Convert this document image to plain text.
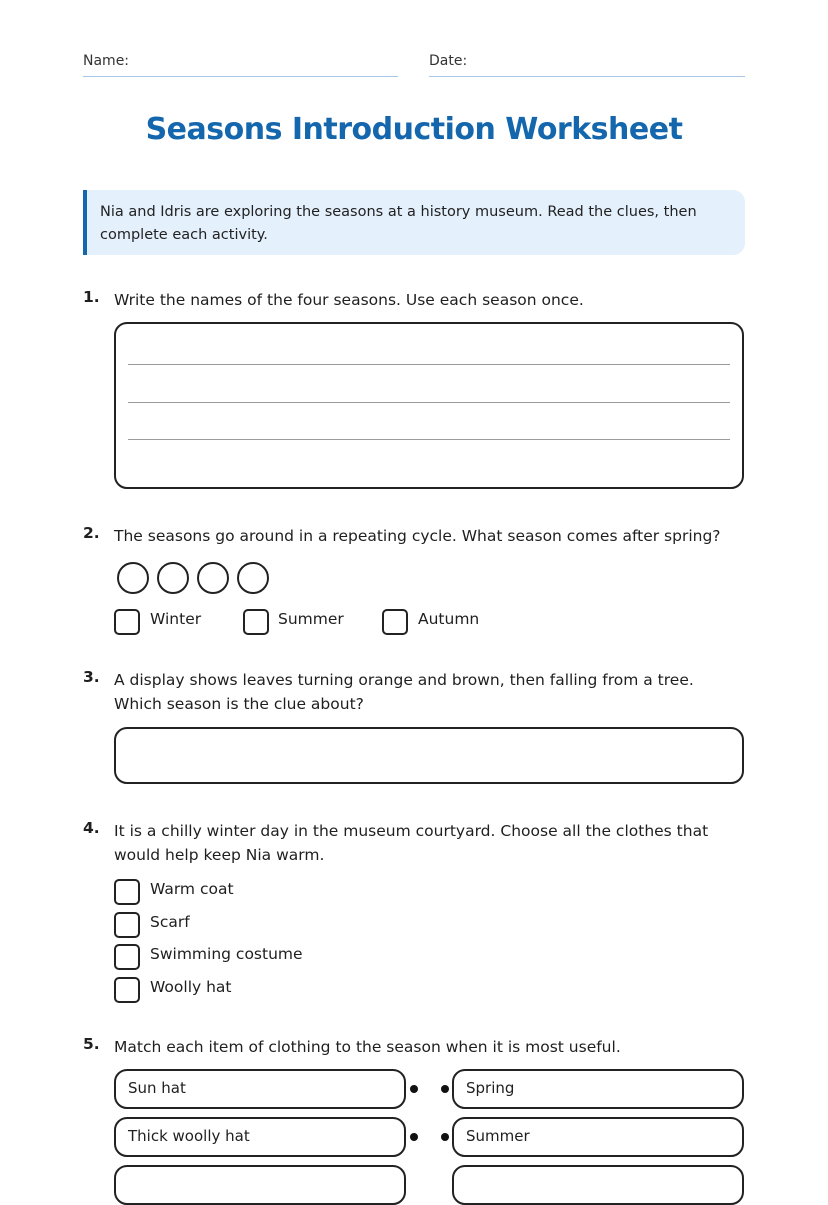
Name:	Date:
Seasons Introduction Worksheet
Nia and Idris are exploring the seasons at a history museum. Read the clues, then complete each activity.
1. Write the names of the four seasons. Use each season once.
2. The seasons go around in a repeating cycle. What season comes after spring?
Winter	Summer	Autumn
3. A display shows leaves turning orange and brown, then falling from a tree. Which season is the clue about?
4. It is a chilly winter day in the museum courtyard. Choose all the clothes that would help keep Nia warm.
Warm coat
Scarf
Swimming costume
Woolly hat
5. Match each item of clothing to the season when it is most useful.
Sun hat	Spring
Thick woolly hat	Summer
